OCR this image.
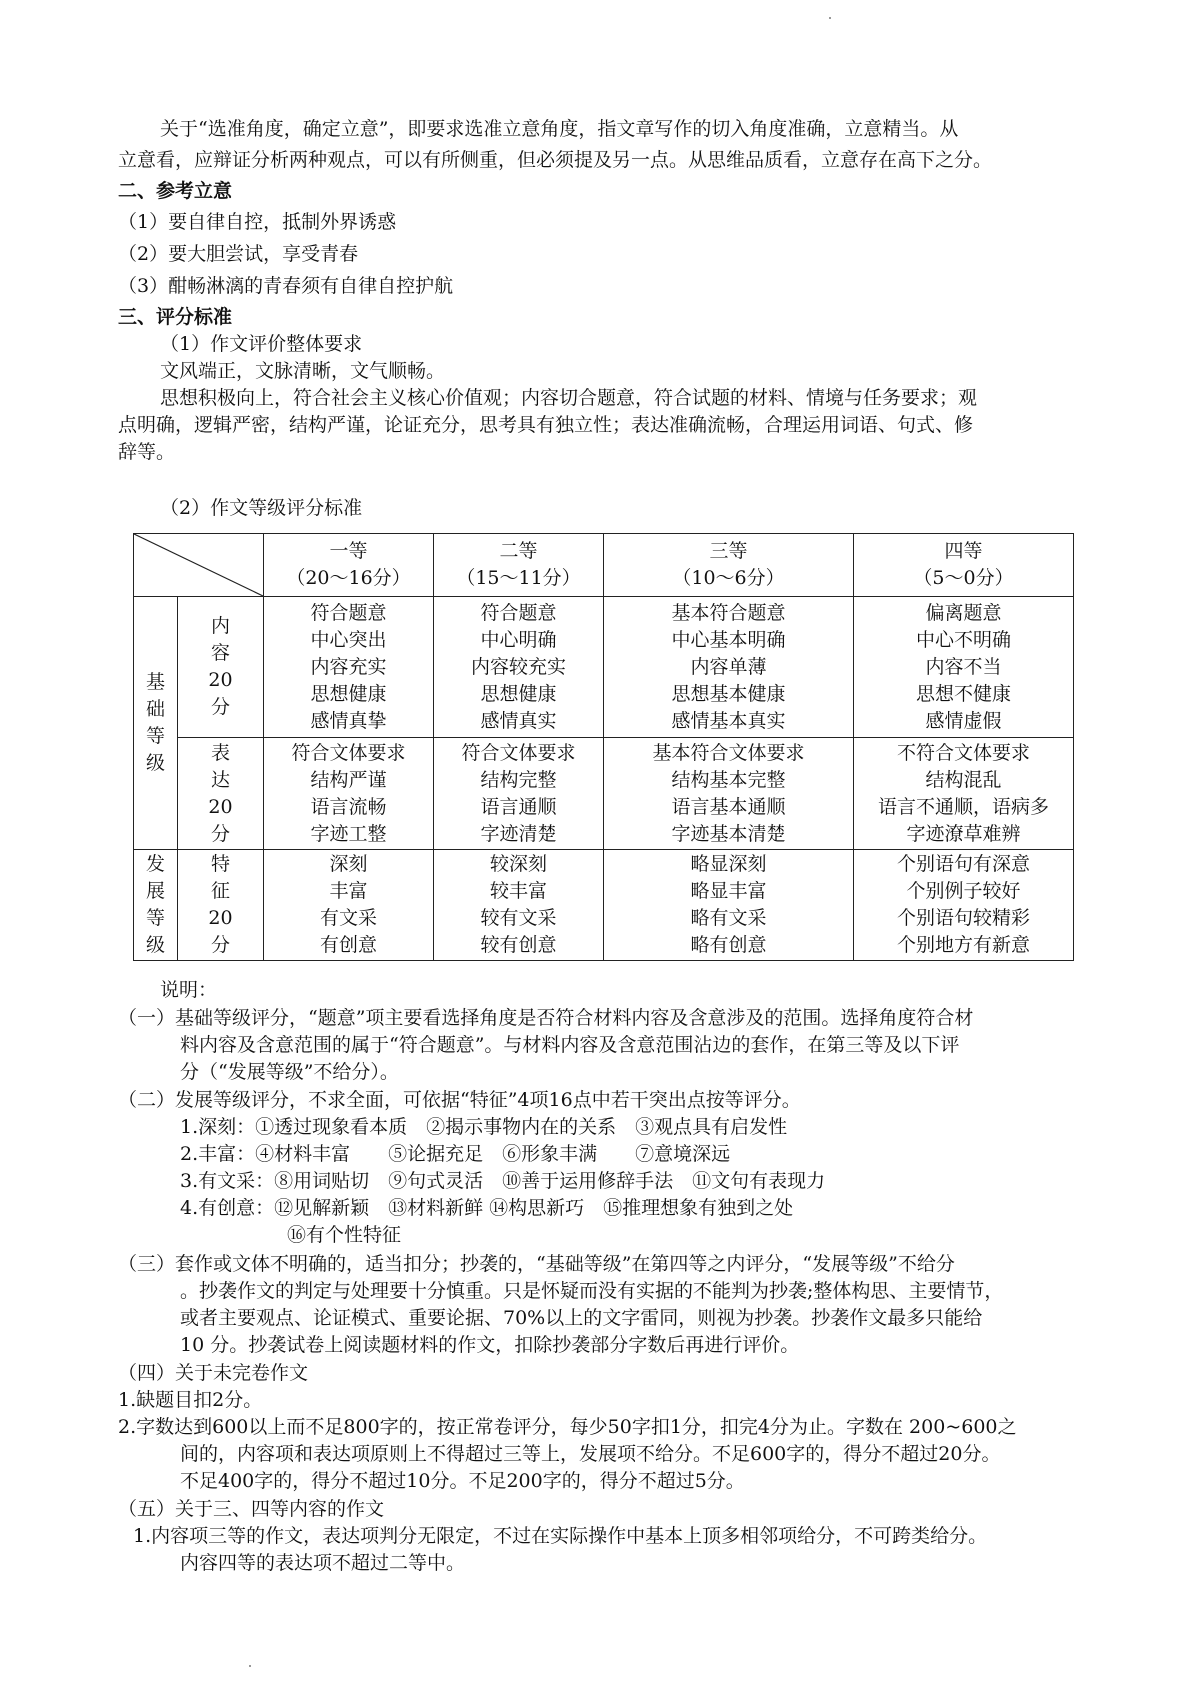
关于“选准角度，确定立意”，即要求选准立意角度，指文章写作的切入角度准确，立意精当。从
立意看，应辩证分析两种观点，可以有所侧重，但必须提及另一点。从思维品质看，立意存在高下之分。
二、参考立意
（1）要自律自控，抵制外界诱惑
（2）要大胆尝试，享受青春
（3）酣畅淋漓的青春须有自律自控护航
三、评分标准
（1）作文评价整体要求
文风端正，文脉清晰，文气顺畅。
思想积极向上，符合社会主义核心价值观；内容切合题意，符合试题的材料、情境与任务要求；观
点明确，逻辑严密，结构严谨，论证充分，思考具有独立性；表达准确流畅，合理运用词语、句式、修
辞等。
（2）作文等级评分标准

一等
（20～16分）	二等
（15～11分）	三等
（10～6分）	四等
（5～0分）

基
础
等
级	内
容
20
分	符合题意
中心突出
内容充实
思想健康
感情真挚	符合题意
中心明确
内容较充实
思想健康
感情真实	基本符合题意
中心基本明确
内容单薄
思想基本健康
感情基本真实	偏离题意
中心不明确
内容不当
思想不健康
感情虚假

	表
达
20
分	符合文体要求
结构严谨
语言流畅
字迹工整	符合文体要求
结构完整
语言通顺
字迹清楚	基本符合文体要求
结构基本完整
语言基本通顺
字迹基本清楚	不符合文体要求
结构混乱
语言不通顺，语病多
字迹潦草难辨

发
展
等
级	特
征
20
分	深刻
丰富
有文采
有创意	较深刻
较丰富
较有文采
较有创意	略显深刻
略显丰富
略有文采
略有创意	个别语句有深意
个别例子较好
个别语句较精彩
个别地方有新意
说明：
（一）基础等级评分，“题意”项主要看选择角度是否符合材料内容及含意涉及的范围。选择角度符合材
料内容及含意范围的属于“符合题意”。与材料内容及含意范围沾边的套作，在第三等及以下评
分（“发展等级”不给分）。
（二）发展等级评分，不求全面，可依据“特征”4项16点中若干突出点按等评分。
1.深刻：①透过现象看本质　②揭示事物内在的关系　③观点具有启发性
2.丰富：④材料丰富　　⑤论据充足　⑥形象丰满　　⑦意境深远
3.有文采：⑧用词贴切　⑨句式灵活　⑩善于运用修辞手法　⑪文句有表现力
4.有创意：⑫见解新颖　⑬材料新鲜 ⑭构思新巧　⑮推理想象有独到之处
⑯有个性特征
（三）套作或文体不明确的，适当扣分；抄袭的，“基础等级”在第四等之内评分，“发展等级”不给分
。抄袭作文的判定与处理要十分慎重。只是怀疑而没有实据的不能判为抄袭;整体构思、主要情节，
或者主要观点、论证模式、重要论据、70%以上的文字雷同，则视为抄袭。抄袭作文最多只能给
10 分。抄袭试卷上阅读题材料的作文，扣除抄袭部分字数后再进行评价。
（四）关于未完卷作文
1.缺题目扣2分。
2.字数达到600以上而不足800字的，按正常卷评分，每少50字扣1分，扣完4分为止。字数在 200~600之
间的，内容项和表达项原则上不得超过三等上，发展项不给分。不足600字的，得分不超过20分。
不足400字的，得分不超过10分。不足200字的，得分不超过5分。
（五）关于三、四等内容的作文
1.内容项三等的作文，表达项判分无限定，不过在实际操作中基本上顶多相邻项给分，不可跨类给分。
内容四等的表达项不超过二等中。
